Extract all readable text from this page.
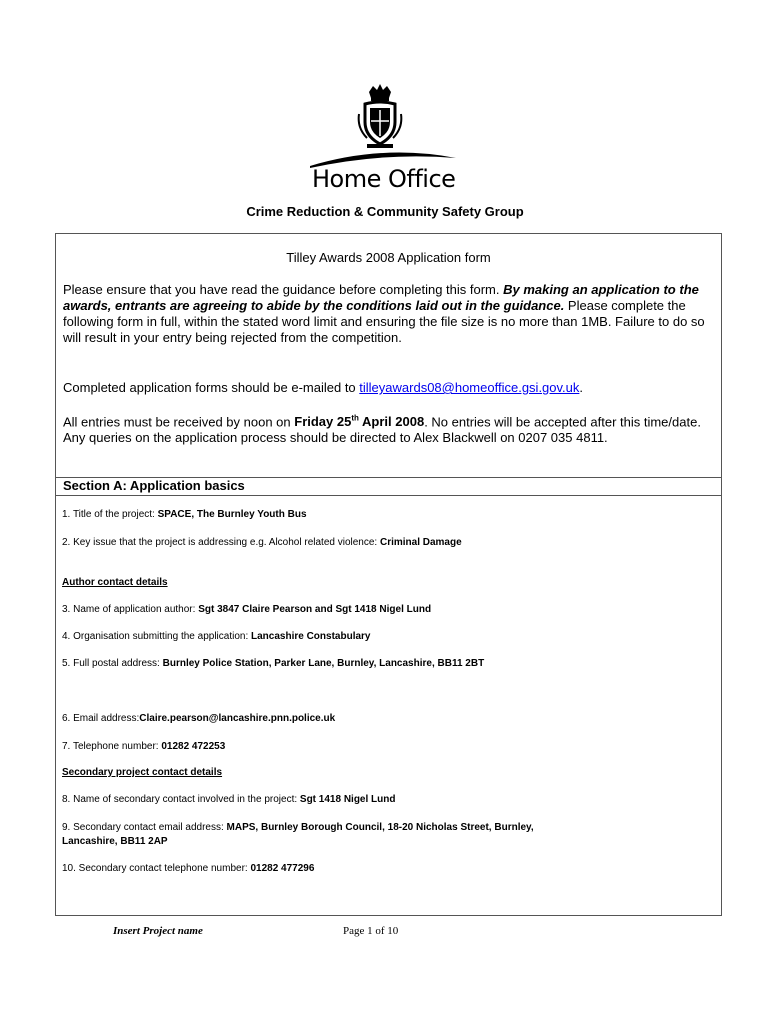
Home Office
Crime Reduction & Community Safety Group
Tilley Awards 2008 Application form

Please ensure that you have read the guidance before completing this form. By making an application to the awards, entrants are agreeing to abide by the conditions laid out in the guidance. Please complete the following form in full, within the stated word limit and ensuring the file size is no more than 1MB. Failure to do so will result in your entry being rejected from the competition.

Completed application forms should be e-mailed to tilleyawards08@homeoffice.gsi.gov.uk.

All entries must be received by noon on Friday 25th April 2008. No entries will be accepted after this time/date. Any queries on the application process should be directed to Alex Blackwell on 0207 035 4811.

Section A: Application basics
1. Title of the project: SPACE, The Burnley Youth Bus
2. Key issue that the project is addressing e.g. Alcohol related violence: Criminal Damage
Author contact details
3. Name of application author: Sgt 3847 Claire Pearson and Sgt 1418 Nigel Lund
4. Organisation submitting the application: Lancashire Constabulary
5. Full postal address: Burnley Police Station, Parker Lane, Burnley, Lancashire, BB11 2BT
6. Email address:Claire.pearson@lancashire.pnn.police.uk
7. Telephone number: 01282 472253
Secondary project contact details
8. Name of secondary contact involved in the project: Sgt 1418 Nigel Lund
9. Secondary contact email address: MAPS, Burnley Borough Council, 18-20 Nicholas Street, Burnley,
Lancashire, BB11 2AP
10. Secondary contact telephone number: 01282 477296
Insert Project name	Page 1 of 10
